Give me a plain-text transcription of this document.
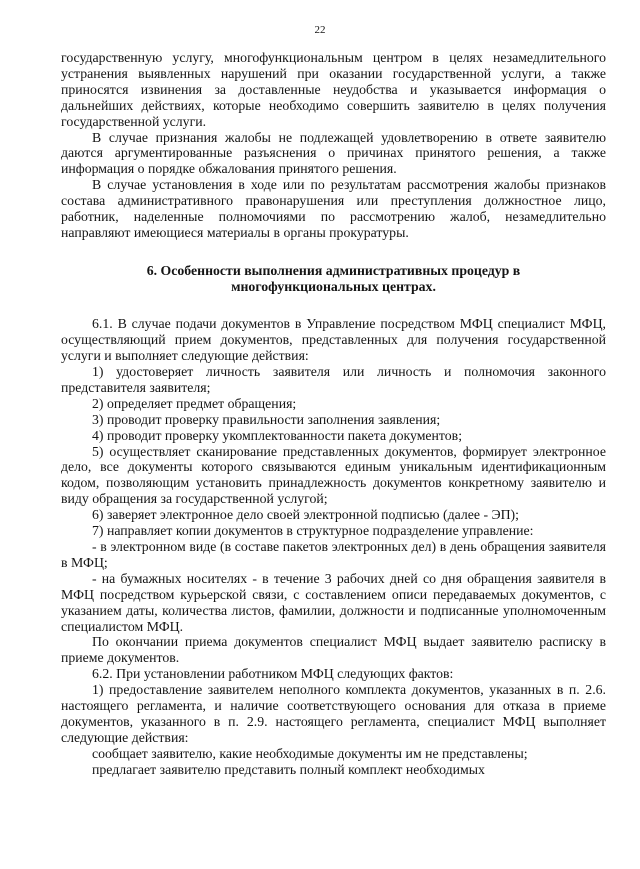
22

государственную услугу, многофункциональным центром в целях незамедлительного устранения выявленных нарушений при оказании государственной услуги, а также приносятся извинения за доставленные неудобства и указывается информация о дальнейших действиях, которые необходимо совершить заявителю в целях получения государственной услуги.

В случае признания жалобы не подлежащей удовлетворению в ответе заявителю даются аргументированные разъяснения о причинах принятого решения, а также информация о порядке обжалования принятого решения.

В случае установления в ходе или по результатам рассмотрения жалобы признаков состава административного правонарушения или преступления должностное лицо, работник, наделенные полномочиями по рассмотрению жалоб, незамедлительно направляют имеющиеся материалы в органы прокуратуры.

6. Особенности выполнения административных процедур в
многофункциональных центрах.

6.1. В случае подачи документов в Управление посредством МФЦ специалист МФЦ, осуществляющий прием документов, представленных для получения государственной услуги и выполняет следующие действия:

1) удостоверяет личность заявителя или личность и полномочия законного представителя заявителя;

2) определяет предмет обращения;

3) проводит проверку правильности заполнения заявления;

4) проводит проверку укомплектованности пакета документов;

5) осуществляет сканирование представленных документов, формирует электронное дело, все документы которого связываются единым уникальным идентификационным кодом, позволяющим установить принадлежность документов конкретному заявителю и виду обращения за государственной услугой;

6) заверяет электронное дело своей электронной подписью (далее - ЭП);

7) направляет копии документов в структурное подразделение управление:

- в электронном виде (в составе пакетов электронных дел) в день обращения заявителя в МФЦ;

- на бумажных носителях - в течение 3 рабочих дней со дня обращения заявителя в МФЦ посредством курьерской связи, с составлением описи передаваемых документов, с указанием даты, количества листов, фамилии, должности и подписанные уполномоченным специалистом МФЦ.

По окончании приема документов специалист МФЦ выдает заявителю расписку в приеме документов.

6.2. При установлении работником МФЦ следующих фактов:

1) предоставление заявителем неполного комплекта документов, указанных в п. 2.6. настоящего регламента, и наличие соответствующего основания для отказа в приеме документов, указанного в п. 2.9. настоящего регламента, специалист МФЦ выполняет следующие действия:

сообщает заявителю, какие необходимые документы им не представлены;

предлагает заявителю представить полный комплект необходимых
